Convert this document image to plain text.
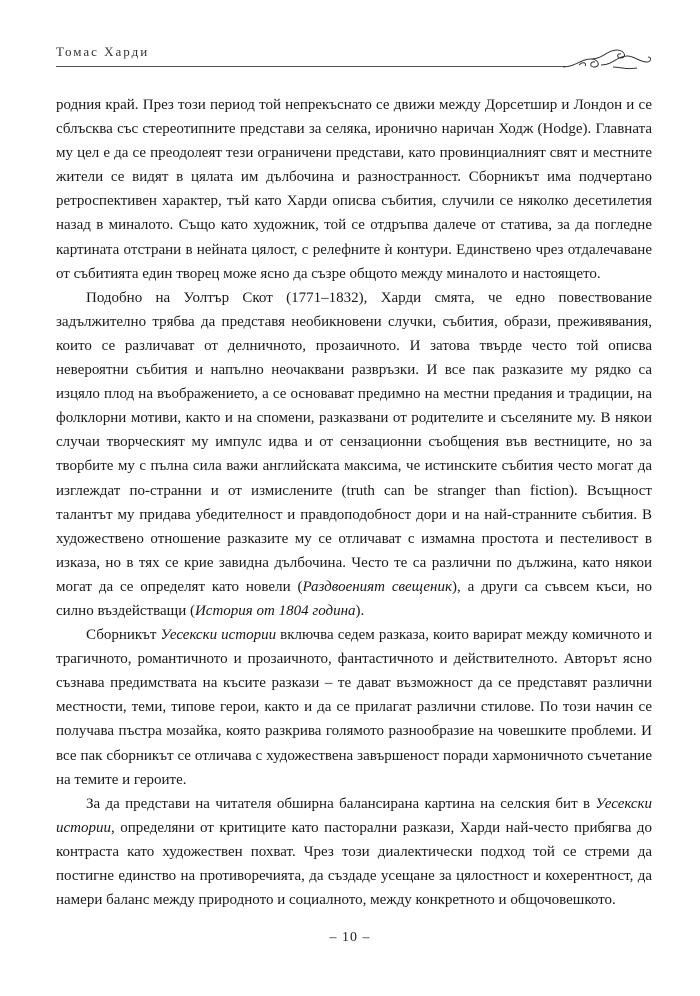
Томас Харди

родния край. През този период той непрекъснато се движи между Дорсетшир и Лондон и се сблъсква със стереотипните представи за селяка, иронично наричан Ходж (Hodge). Главната му цел е да се преодолеят тези ограничени представи, като провинциалният свят и местните жители се видят в цялата им дълбочина и разностранност. Сборникът има подчертано ретроспективен характер, тъй като Харди описва събития, случили се няколко десетилетия назад в миналото. Също като художник, той се отдръпва далече от статива, за да погледне картината отстрани в нейната цялост, с релефните ѝ контури. Единствено чрез отдалечаване от събитията един творец може ясно да съзре общото между миналото и настоящето.

Подобно на Уолтър Скот (1771–1832), Харди смята, че едно повествование задължително трябва да представя необикновени случки, събития, образи, преживявания, които се различават от делничното, прозаичното. И затова твърде често той описва невероятни събития и напълно неочаквани развръзки. И все пак разказите му рядко са изцяло плод на въображението, а се основават предимно на местни предания и традиции, на фолклорни мотиви, както и на спомени, разказвани от родителите и съселяните му. В някои случаи творческият му импулс идва и от сензационни съобщения във вестниците, но за творбите му с пълна сила важи английската максима, че истинските събития често могат да изглеждат по-странни и от измислените (truth can be stranger than fiction). Всъщност талантът му придава убедителност и правдоподобност дори и на най-странните събития. В художествено отношение разказите му се отличават с измамна простота и пестеливост в изказа, но в тях се крие завидна дълбочина. Често те са различни по дължина, като някои могат да се определят като новели (Раздвоеният свещеник), а други са съвсем къси, но силно въздействащи (История от 1804 година).

Сборникът Уесекски истории включва седем разказа, които варират между комичното и трагичното, романтичното и прозаичното, фантастичното и действителното. Авторът ясно съзнава предимствата на късите разкази – те дават възможност да се представят различни местности, теми, типове герои, както и да се прилагат различни стилове. По този начин се получава пъстра мозайка, която разкрива голямото разнообразие на човешките проблеми. И все пак сборникът се отличава с художествена завършеност поради хармоничното съчетание на темите и героите.

За да представи на читателя обширна балансирана картина на селския бит в Уесекски истории, определяни от критиците като пасторални разкази, Харди най-често прибягва до контраста като художествен похват. Чрез този диалектически подход той се стреми да постигне единство на противоречията, да създаде усещане за цялостност и кохерентност, да намери баланс между природното и социалното, между конкретното и общочовешкото.

– 10 –
